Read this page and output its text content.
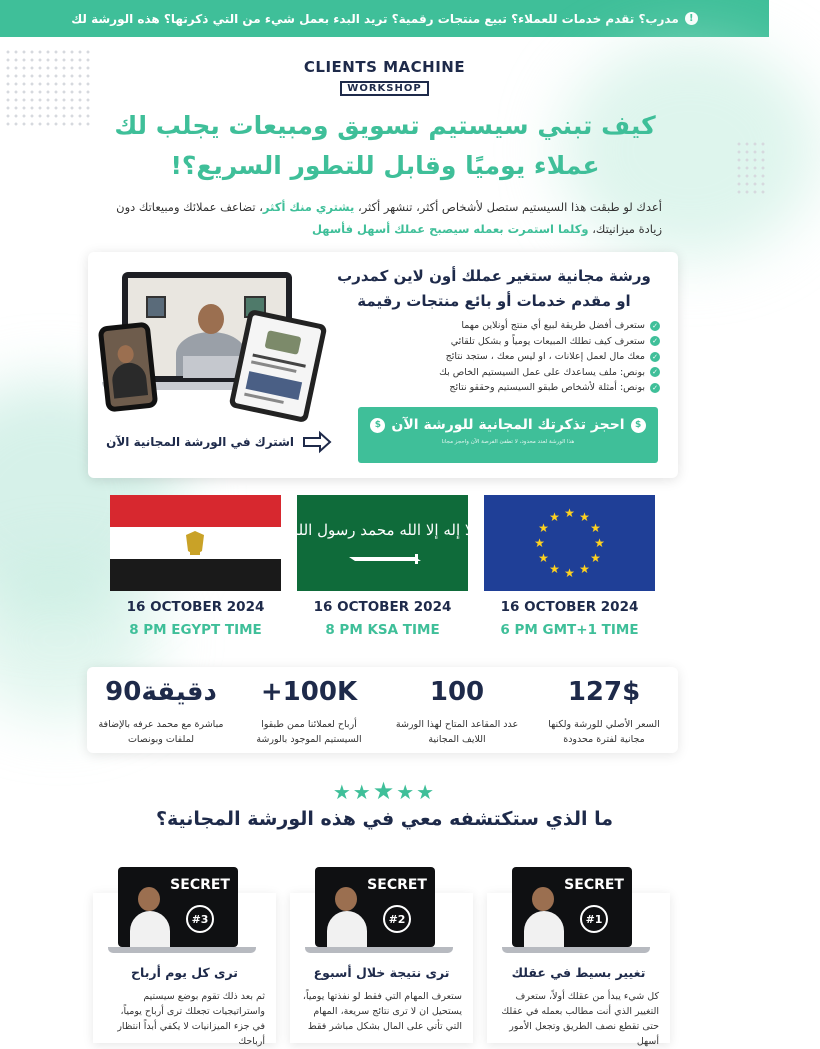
!
مدرب؟ تقدم خدمات للعملاء؟ تبيع منتجات رقمية؟ تريد البدء بعمل شيء من التي ذكرتها؟ هذه الورشة لك
CLIENTS MACHINE
WORKSHOP
كيف تبني سيستيم تسويق ومبيعات يجلب لك
عملاء يوميًا وقابل للتطور السريع؟!
أعدك لو طبقت هذا السيستيم ستصل لأشخاص أكثر، تنشهر أكثر، يشتري منك أكثر، تضاعف عملائك ومبيعاتك دون زيادة ميزانيتك، وكلما استمرت بعمله سيصبح عملك أسهل فأسهل
اشترك في الورشة المجانية الآن
ورشة مجانية ستغير عملك أون لاين كمدرب او مقدم خدمات أو بائع منتجات رقيمة
✓
ستعرف أفضل طريقة لبيع أي منتج أونلاين مهما
✓
ستعرف كيف تطلك المبيعات يومياً و بشكل تلقائي
✓
معك مال لعمل إعلانات ، او ليس معك ، ستجد نتائج
✓
بونص: ملف يساعدك على عمل السيستيم الخاص بك
✓
بونص: أمثلة لأشخاص طبقو السيستيم وحققو نتائج
$
احجز تذكرتك المجانية للورشة الآن
$
هذا الورشة لعدد محدود، لا تطفئ الفرصة الآن واحجز مجانا
لا إله إلا الله محمد رسول الله
★ ★
★
★
★
★
★
★
★
★
★
★
16 OCTOBER 2024
8 PM EGYPT TIME
16 OCTOBER 2024
8 PM KSA TIME
16 OCTOBER 2024
6 PM GMT+1 TIME
90دقيقة
مباشرة مع محمد عرفه بالإضافة لملفات وبونصات
+100K
أرباح لعملائنا ممن طبقوا السيستيم الموجود بالورشة
100
عدد المقاعد المتاح لهذا الورشة اللايف المجانية
127$
السعر الأصلي للورشة ولكنها مجانية لفترة محدودة
★★★★★
ما الذي ستكتشفه معي في هذه الورشة المجانية؟
SECRET
#3
ترى كل يوم أرباح
ثم بعد ذلك تقوم بوضع سيستيم واستراتيجيات تجعلك ترى أرباح يومياً، في جزء الميزانيات لا يكفي أبداً انتظار أرباحك
SECRET
#2
ترى نتيجة خلال أسبوع
ستعرف المهام التي فقط لو نفذتها يومياً، يستحيل ان لا ترى نتائج سريعة، المهام التي تأتي على المال بشكل مباشر فقط
SECRET
#1
تغيير بسيط في عقلك
كل شيء يبدأ من عقلك أولاً، ستعرف التغيير الذي أنت مطالب بعمله في عقلك حتى تقطع نصف الطريق وتجعل الأمور أسهل
